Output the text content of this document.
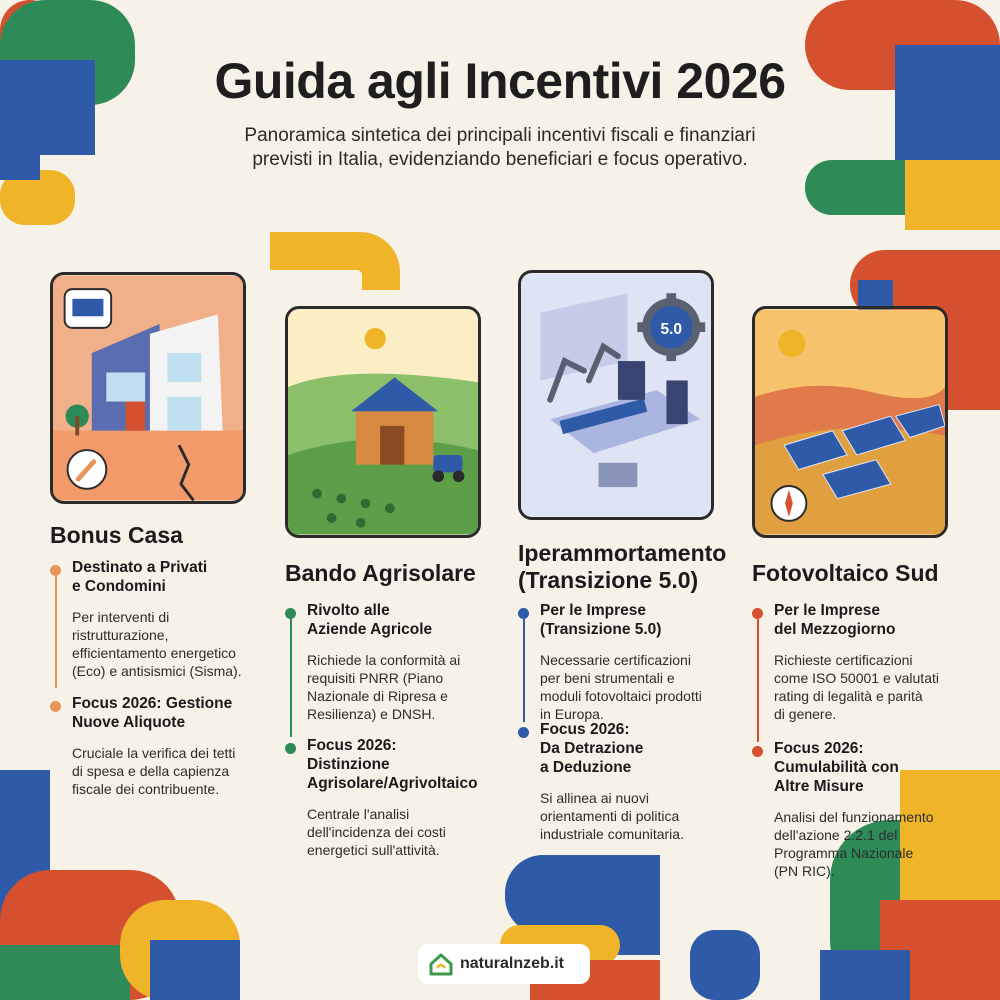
Guida agli Incentivi 2026
Panoramica sintetica dei principali incentivi fiscali e finanziari
previsti in Italia, evidenziando beneficiari e focus operativo.
5.0
Bonus Casa
Bando Agrisolare
Iperammortamento
(Transizione 5.0)	Fotovoltaico Sud
Destinato a Privati
e Condomini

Per interventi di
ristrutturazione,
efficientamento energetico
(Eco) e antisismici (Sisma).

Focus 2026: Gestione
Nuove Aliquote

Cruciale la verifica dei tetti
di spesa e della capienza
fiscale dei contribuente.

Rivolto alle
Aziende Agricole

Richiede la conformità ai
requisiti PNRR (Piano
Nazionale di Ripresa e
Resilienza) e DNSH.

Focus 2026:
Distinzione
Agrisolare/Agrivoltaico

Centrale l'analisi
dell'incidenza dei costi
energetici sull'attività.

Per le Imprese
(Transizione 5.0)

Necessarie certificazioni
per beni strumentali e
moduli fotovoltaici prodotti
in Europa.

Focus 2026:
Da Detrazione
a Deduzione

Si allinea ai nuovi
orientamenti di politica
industriale comunitaria.

Per le Imprese
del Mezzogiorno

Richieste certificazioni
come ISO 50001 e valutati
rating di legalità e parità
di genere.

Focus 2026:
Cumulabilità con
Altre Misure

Analisi del funzionamento
dell'azione 2.2.1 del
Programma Nazionale
(PN RIC).

naturalnzeb.it
